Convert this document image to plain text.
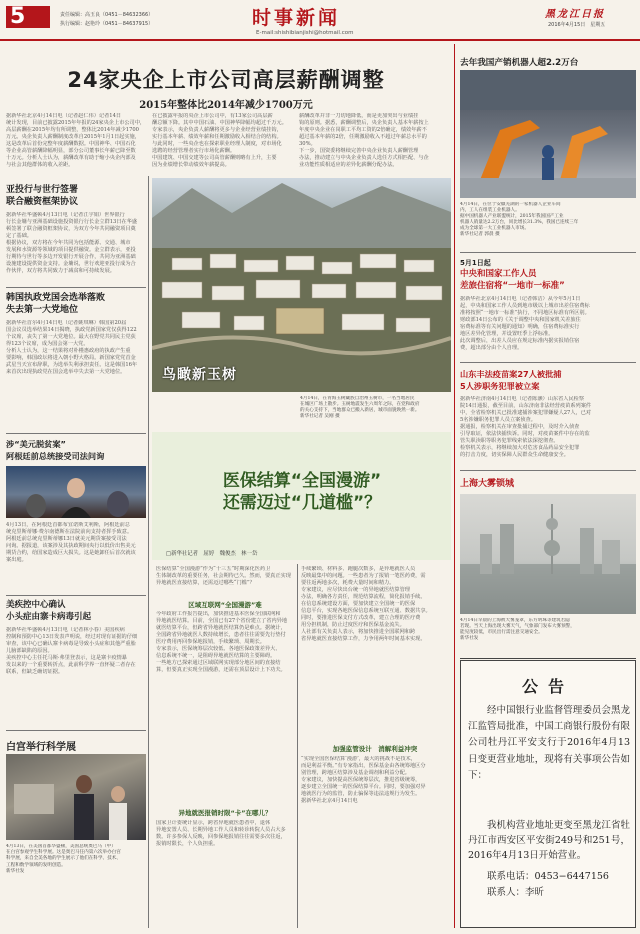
5	责任编辑：高玉良（0451－84632366）
执行编辑：赵艳玲（0451－84637915）	时事新闻
E-mail:shishibianjishi@hotmail.com
黑龙江日报
2016年4月15日　星期五
24家央企上市公司高层薪酬调整
2015年整体比2014年减少1700万元
据新华社北京4月14日电（记者赵仁伟）记者14日
统计发现，目前已披露2015年年报的24家央企上市公司中，
高层薪酬在2015年均有所调整，整体比2014年减少1700
万元。央企负责人薪酬制度改革自2015年1月1日起实施，
这是改革后首份完整年度薪酬数据。中国神华、中国石化
等企业高管薪酬降幅明显，部分公司董事长年薪已降至数
十万元。分析人士认为，薪酬改革有助于缩小央企内部及
与社会其他群体的收入差距。
在已披露年报的央企上市公司中，有13家公司高层薪
酬总额下降。其中中国石油、中国神华降幅均超过千万元。
专家表示，央企负责人薪酬将更多与企业经营业绩挂钩，
实行基本年薪、绩效年薪和任期激励收入相结合的结构。
与此同时，一些央企也在探索职业经理人制度，对市场化
选聘的经营管理者实行市场化薪酬。
中国建筑、中国交建等公司高管薪酬则略有上升，主要
因为业绩增长带动绩效年薪提高。
薪酬改革并非一刀切地降低，而是更加突出与业绩挂
钩的原则。据悉，薪酬调整后，央企负责人基本年薪按上
年度中央企业在岗职工平均工资的2倍确定，绩效年薪不
超过基本年薪的2倍，任期激励收入不超过年薪总水平的
30%。
下一步，国资委将继续完善中央企业负责人薪酬管理
办法，推动建立与中央企业负责人选任方式相匹配、与企
业功能性质相适应的差异化薪酬分配办法。
亚投行与世行签署
联合融资框架协议
据新华社华盛顿4月13日电（记者江宇娟）世界银行
行长金墉与亚洲基础设施投资银行行长金立群13日在华盛
顿签署了联合融资框架协议，为双方今年共同融资项目奠
定了基础。
根据协议，双方将在今年共同为包括能源、交通、城市
发展和水资源等领域的项目提供融资。金立群表示，亚投
行期待与世行等多边开发银行开展合作，共同为亚洲基础
设施建设提供资金支持。金墉说，世行欢迎亚投行成为合
作伙伴，双方将共同致力于减贫和可持续发展。
韩国执政党国会选举落败
失去第一大党地位
据新华社首尔4月14日电（记者姚琪琳）韩国第20届
国会议员选举结果14日揭晓，执政党新国家党仅获得122
个议席，丧失了第一大党地位。最大在野党共同民主党获
得123个议席，成为国会第一大党。
分析人士认为，这一结果将对朴槿惠政府的执政产生重
要影响，韩国政坛将进入朝小野大格局。新国家党党首金
武星当天宣布辞职，为选举失利承担责任。这是韩国16年
来首次出现执政党在国会选举中失去第一大党地位。
涉“美元脱贫案”
阿根廷前总统接受司法问询
4月13日，在阿根廷首都布宜诺斯艾利斯，阿根廷前总
统克里斯蒂娜·费尔南德斯在法院前向支持者挥手致意。
阿根廷前总统克里斯蒂娜13日就美元期货案接受司法
问询。据报道，该案涉及其执政期间央行以低价出售美元
期货合约，给国家造成巨大损失。这是她卸任后首次就该
案出庭。
美疾控中心确认
小头症由寨卡病毒引起
据新华社华盛顿4月13日电（记者林小春）美国疾病
控制和预防中心13日发表声明说，经过对现有证据的仔细
审查，该中心已确认寨卡病毒是导致小头症和其他严重胎
儿脑部缺陷的原因。
美疾控中心主任托马斯·弗里登表示，这是寨卡疫情暴
发以来的一个重要转折点，此前科学界一直怀疑二者存在
联系，但缺乏确切证据。
白宫举行科学展
4月13日，在美国首都华盛顿，美国总统奥巴马（中）
在白宫参观学生科学展。这是奥巴马任内第六次举办白宫
科学展，来自全美各地的学生展示了他们在科学、技术、
工程和数学领域的发明创造。
新华社发
鸟瞰新玉树
4月14日，在青海玉树藏族自治州玉树市，一名当地居民
在城区广场上散步。玉树地震发生六周年之际，在党和政府
的关心支持下，当地群众已搬入新居，城市面貌焕然一新。
新华社记者 吴刚 摄
医保结算“全国漫游”
还需迈过“几道槛”？
□新华社记者　屈婷　魏俊杰　林一岱
医保结算“全国漫游”作为“十三五”时期深化医药卫
生体制改革的重要任务，社会期待已久。然而，要真正实现
异地就医直接结算，还需迈过哪些“门槛”？
区域互联网“全国漫游”难
今年政府工作报告提出，加快推进基本医保全国联网和
异地就医结算。目前，全国已有27个省份建立了省内异地
就医结算平台，但跨省异地就医结算仍是难点。据统计，
全国跨省异地就医人数持续增长，患者往往需要先行垫付
医疗费用再回参保地报销，手续繁琐、周期长。
专家表示，医保统筹层次较低、各地医保政策差异大、
信息系统不统一，是阻碍异地就医结算的主要障碍。
一些地方已探索通过区域联网实现部分地区间的直接结
算，但要真正实现全国漫游，还需在顶层设计上下功夫。
异地就医报销时限“卡”在哪儿？
国家卫计委统计显示，跨省异地就医患者中，退休
异地安置人员、长期异地工作人员和转诊转院人员占大多
数。许多参保人反映，回参保地报销往往需要多次往返，
报销时限长，个人负担重。
手续繁琐、材料多、跑腿次数多，是异地就医人员
反映最集中的问题。一些患者为了报销一笔医药费，需
要往返两地多次，耗费大量时间和精力。
专家建议，应尽快出台统一的异地就医结算管理
办法，明确各方责任，规范结算流程，简化报销手续。
在信息系统建设方面，要加快建立全国统一的医保
信息平台，实现各地医保信息系统互联互通、数据共享。
同时，要推进医保支付方式改革，建立合理的医疗费
用分担机制，防止过度医疗和医保基金流失。
人社部有关负责人表示，将加快推进全国联网和跨
省异地就医直接结算工作，力争用两年时间基本实现。
加强监管设计　消解利益冲突
“实现全国医保结算‘漫游’，最大的挑战不是技术，
而是利益平衡。”有专家指出，医保基金由各统筹地区分
别管理，跨地区结算涉及基金调剂和利益分配。
专家建议，加快提高医保统筹层次，推进省级统筹，
逐步建立全国统一的医保结算平台。同时，要加强对异
地就医行为的监管，防止骗保等违法违规行为发生。
据新华社北京4月14日电
去年我国产销机器人超2.2万台
4月14日，在位于安徽芜湖的一家机器人企业车间
内，工人在组装工业机器人。
据中国机器人产业联盟统计，2015年我国国产工业
机器人销量达2.2万台，同比增长31.3%，我国已连续三年
成为全球第一大工业机器人市场。
新华社记者 郭晨 摄
5月1日起
中央和国家工作人员
差旅住宿将“一地市一标准”
据新华社北京4月14日电（记者韩洁）从今年5月1日
起，中央和国家工作人员到地市级以上城市出差住宿费标
准将按照“一地市一标准”执行，不同地区标准有所区别。
财政部14日公布的《关于调整中央和国家机关差旅住
宿费标准等有关问题的通知》明确，住宿费标准实行
地区差异化管理，并设置旺季上浮标准。
此次调整后，出差人员应在规定标准内据实报销住宿
费，超出部分由个人自理。
山东丰法疫苗案27人被批捕
5人涉职务犯罪被立案
据新华社济南4月14日电（记者陈灏）山东省人民检察
院14日通报，截至目前，山东济南非法经营疫苗系列案件
中，全省检察机关已批准逮捕涉案犯罪嫌疑人27人，已对
5名涉嫌职务犯罪人员立案侦查。
据通报，检察机关在审查批捕过程中，及时介入侦查
引导取证，依法快捕快诉。同时，对疫苗案件中存在的监
管失职渎职等职务犯罪线索依法深挖彻查。
检察机关表示，将继续加大对危害食品药品安全犯罪
的打击力度，切实保障人民群众生命健康安全。
上海大雾锁城
4月14日早晨的上海被大雾笼罩，东方明珠等建筑若隐
若现。当天上海出现大雾天气，气象部门发布大雾预警，
能见度较低，市民出行需注意交通安全。
新华社发
公告
经中国银行业监督管理委员会黑龙江监管局批准，中国工商银行股份有限公司牡丹江平安支行于2016年4月13日变更营业地址，现将有关事项公告如下：
我机构营业地址更变至黑龙江省牡丹江市西安区平安街249号和251号，2016年4月13日开始营业。
联系电话：0453−6447156
联系人：李昕
